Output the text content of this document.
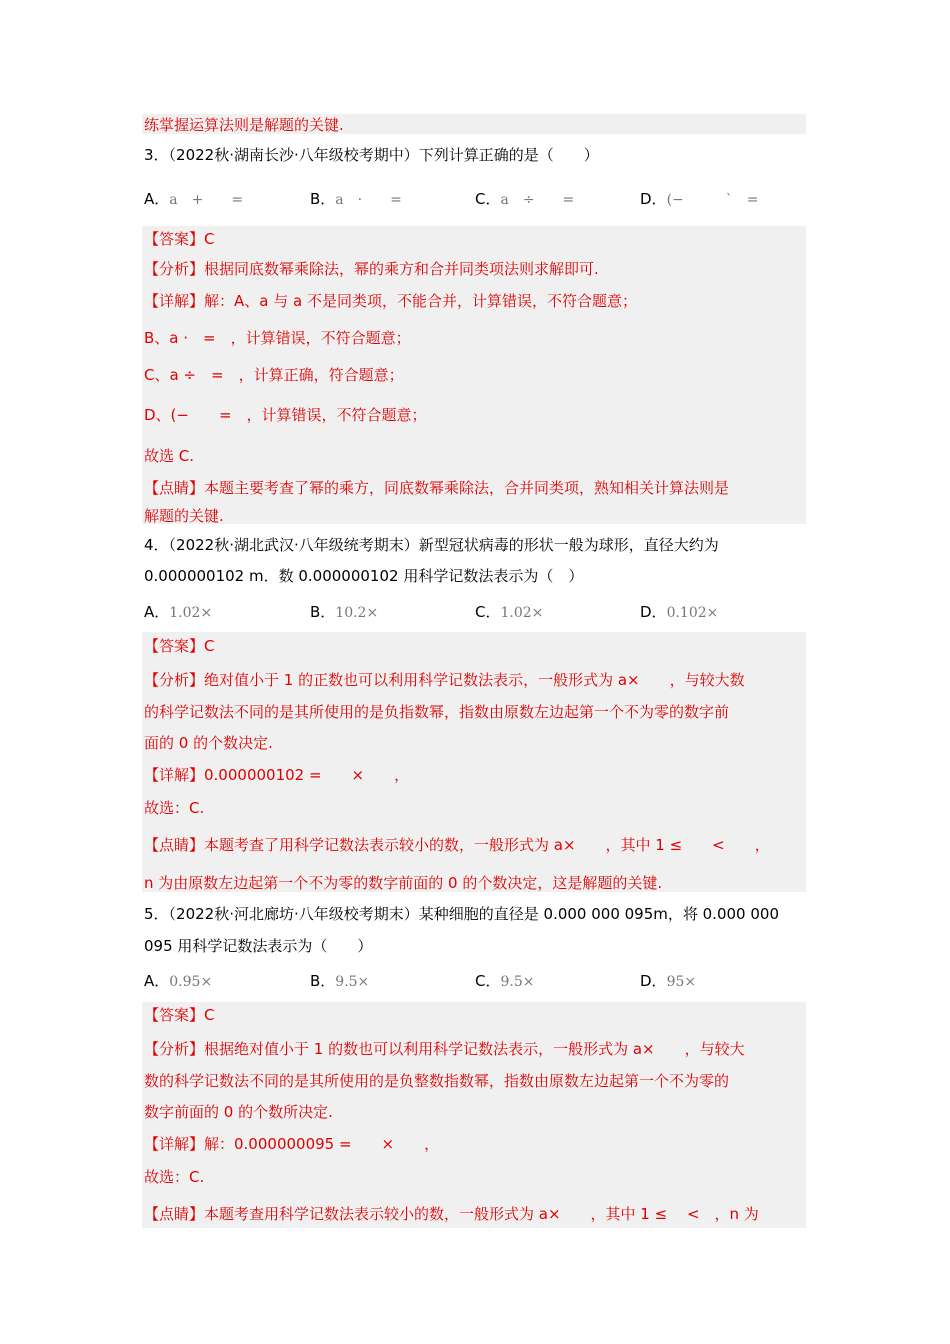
练掌握运算法则是解题的关键.
3．（2022秋·湖南长沙·八年级校考期中）下列计算正确的是（　　）
A．a　+　　=	B．a　·　　=	C．a　÷　　=	D．(−　　　ˋ　=
【答案】C
【分析】根据同底数幂乘除法，幂的乘方和合并同类项法则求解即可.
【详解】解：A、a 与 a 不是同类项，不能合并，计算错误，不符合题意；
B、a ·　=　，计算错误，不符合题意；
C、a ÷　=　，计算正确，符合题意；
D、(−　　=　，计算错误，不符合题意；
故选 C.
【点睛】本题主要考查了幂的乘方，同底数幂乘除法，合并同类项，熟知相关计算法则是
解题的关键.
4．（2022秋·湖北武汉·八年级统考期末）新型冠状病毒的形状一般为球形，直径大约为
0.000000102 m．数 0.000000102 用科学记数法表示为（　）
A．1.02×	B．10.2×	C．1.02×	D．0.102×
【答案】C
【分析】绝对值小于 1 的正数也可以利用科学记数法表示，一般形式为 a×　　，与较大数
的科学记数法不同的是其所使用的是负指数幂，指数由原数左边起第一个不为零的数字前
面的 0 的个数决定.
【详解】0.000000102 =　　×　　，
故选：C.
【点睛】本题考查了用科学记数法表示较小的数，一般形式为 a×　　，其中 1 ≤　　<　　，
n 为由原数左边起第一个不为零的数字前面的 0 的个数决定，这是解题的关键.
5．（2022秋·河北廊坊·八年级校考期末）某种细胞的直径是 0.000 000 095m，将 0.000 000
095 用科学记数法表示为（　　）
A．0.95×	B．9.5×	C．9.5×	D．95×
【答案】C
【分析】根据绝对值小于 1 的数也可以利用科学记数法表示，一般形式为 a×　　，与较大
数的科学记数法不同的是其所使用的是负整数指数幂，指数由原数左边起第一个不为零的
数字前面的 0 的个数所决定.
【详解】解：0.000000095 =　　×　　，
故选：C.
【点睛】本题考查用科学记数法表示较小的数，一般形式为 a×　　，其中 1 ≤　 <　，n 为
